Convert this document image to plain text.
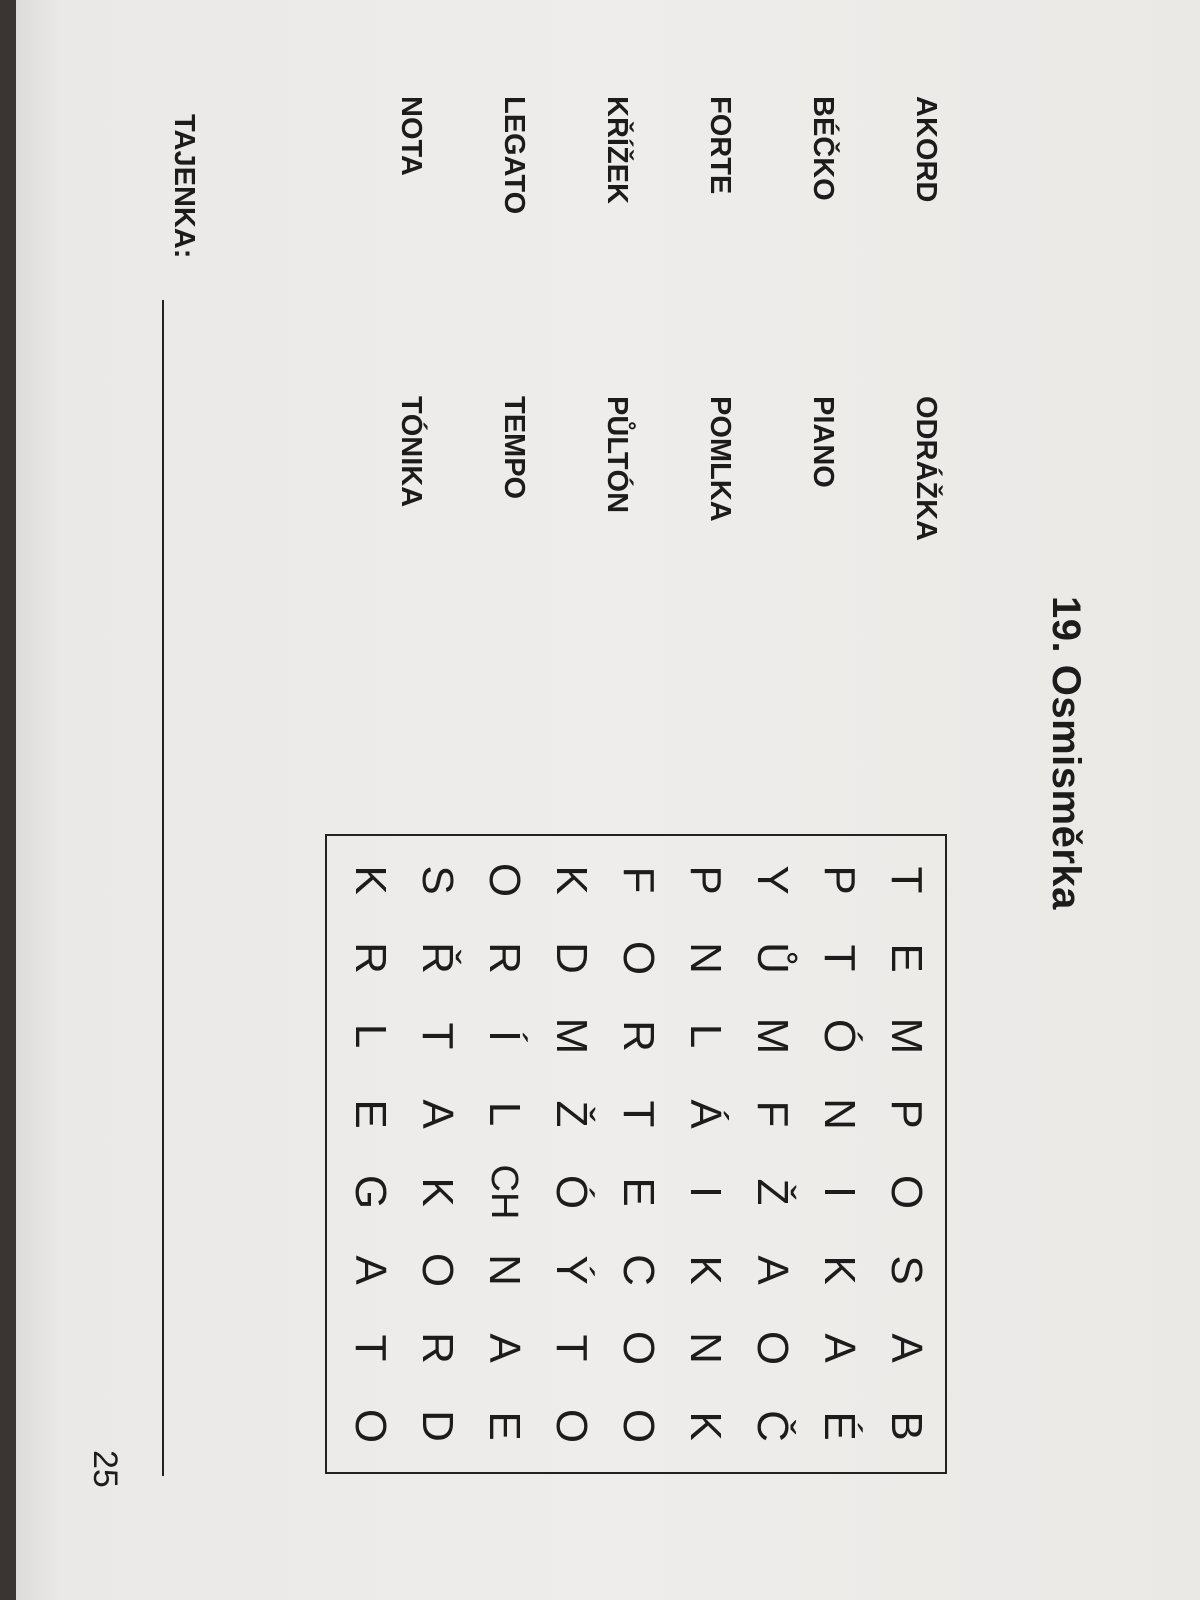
19. Osmisměrka
AKORD
ODRÁŽKA
BÉČKO
PIANO
FORTE
POMLKA
KŘÍŽEK
PŮLTÓN
LEGATO
TEMPO
NOTA
TÓNIKA
T
E
M
P
O
S
A
B
P
T
Ó
N
I
K
A
É
Y
Ů
M
F
Ž
A
O
Č
P
N
L
Á
I
K
N
K
F
O
R
T
E
C
O
O
K
D
M
Ž
Ó
Ý
T
O
O
R
Í
L
CH
N
A
E
S
Ř
T
A
K
O
R
D
K
R
L
E
G
A
T
O
TAJENKA:
25
